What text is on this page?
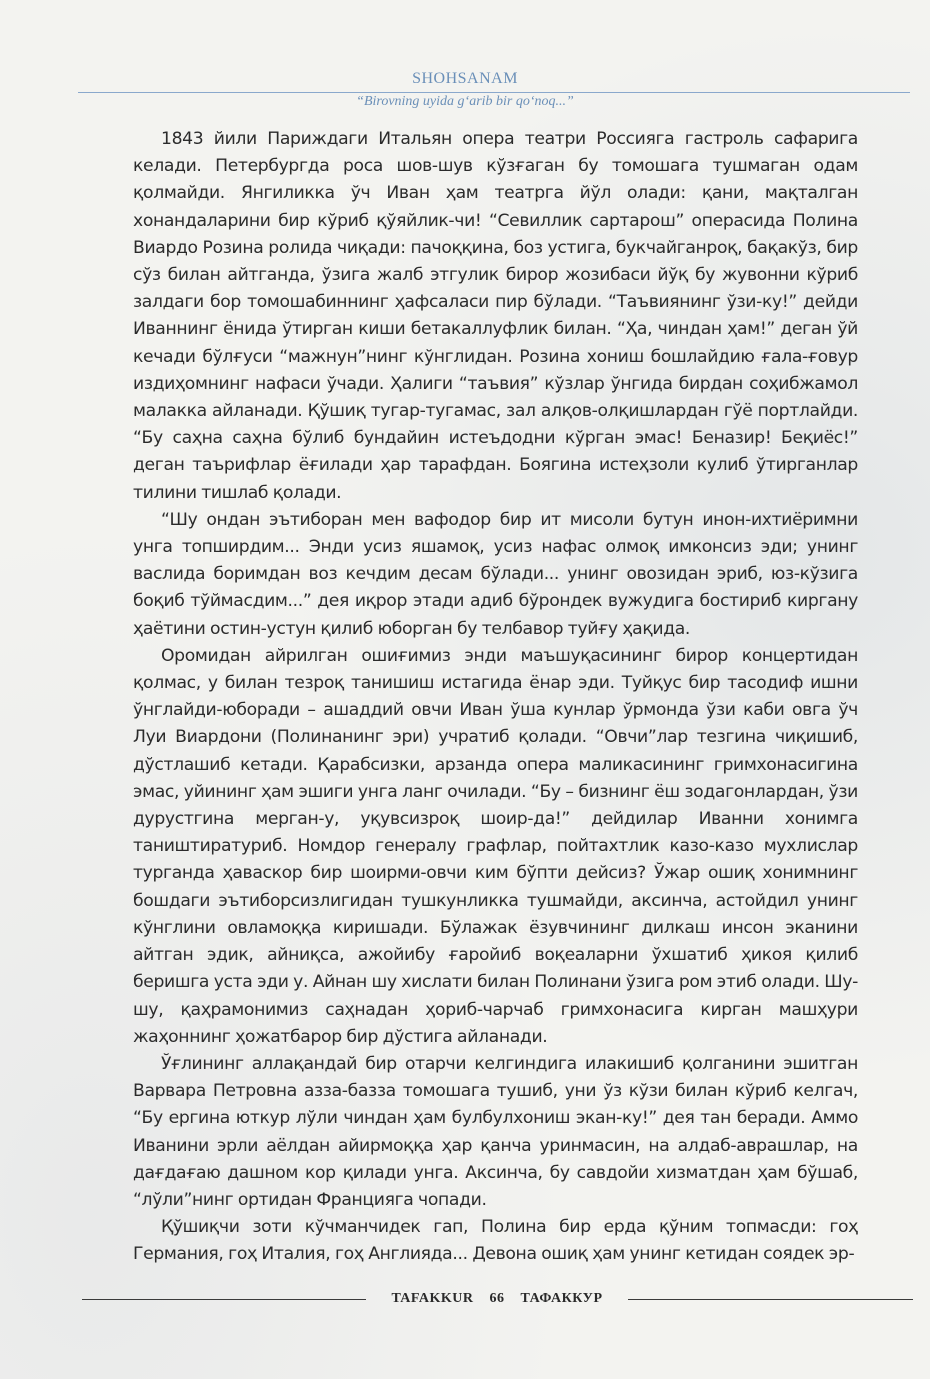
SHOHSANAM
“Birovning uyida g‘arib bir qo‘noq...”

1843 йили Париждаги Итальян опера театри Россияга гастроль сафарига келади. Петербургда роса шов-шув кўзғаган бу томошага тушмаган одам қолмайди. Янгиликка ўч Иван ҳам театрга йўл олади: қани, мақталган хонандаларини бир кўриб қўяйлик-чи! “Севиллик сартарош” операсида Полина Виардо Розина ролида чиқади: пачоққина, боз устига, букчайганроқ, бақакўз, бир сўз билан айтганда, ўзига жалб этгулик бирор жозибаси йўқ бу жувонни кўриб залдаги бор томошабиннинг ҳафсаласи пир бўлади. “Таъвиянинг ўзи-ку!” дейди Иваннинг ёнида ўтирган киши бетакаллуфлик билан. “Ҳа, чиндан ҳам!” деган ўй кечади бўлғуси “мажнун”нинг кўнглидан. Розина хониш бошлайдию ғала-ғовур издиҳомнинг нафаси ўчади. Ҳалиги “таъвия” кўзлар ўнгида бирдан соҳибжамол малакка айланади. Қўшиқ тугар-тугамас, зал алқов-олқишлардан гўё портлайди. “Бу саҳна саҳна бўлиб бундайин истеъдодни кўрган эмас! Беназир! Беқиёс!” деган таърифлар ёғилади ҳар тарафдан. Боягина истеҳзоли кулиб ўтирганлар тилини тишлаб қолади.

“Шу ондан эътиборан мен вафодор бир ит мисоли бутун инон-ихтиёримни унга топширдим... Энди усиз яшамоқ, усиз нафас олмоқ имконсиз эди; унинг васлида боримдан воз кечдим десам бўлади... унинг овозидан эриб, юз-кўзига боқиб тўймасдим...” дея иқрор этади адиб бўрондек вужудига бостириб кирганy ҳаётини остин-устун қилиб юборган бу телбавор туйғу ҳақида.

Оромидан айрилган ошиғимиз энди маъшуқасининг бирор концертидан қолмас, у билан тезроқ танишиш истагида ёнар эди. Туйқус бир тасодиф ишни ўнглайди-юборади – ашаддий овчи Иван ўша кунлар ўрмонда ўзи каби овга ўч Луи Виардони (Полинанинг эри) учратиб қолади. “Овчи”лар тезгина чиқишиб, дўстлашиб кетади. Қарабсизки, арзанда опера маликасининг гримхонасигина эмас, уйининг ҳам эшиги унга ланг очилади. “Бу – бизнинг ёш зодагонлардан, ўзи дурустгина мерган-у, уқувсизроқ шоир-да!” дейдилар Иванни хонимга таништиратуриб. Номдор генералу графлар, пойтахтлик казо-казо мухлислар турганда ҳаваскор бир шоирми-овчи ким бўпти дейсиз? Ўжар ошиқ хонимнинг бошдаги эътиборсизлигидан тушкунликка тушмайди, аксинча, астойдил унинг кўнглини овламоққа киришади. Бўлажак ёзувчининг дилкаш инсон эканини айтган эдик, айниқса, ажойибу ғаройиб воқеаларни ўхшатиб ҳикоя қилиб беришга уста эди у. Айнан шу хислати билан Полинани ўзига ром этиб олади. Шу-шу, қаҳрамонимиз саҳнадан ҳориб-чарчаб гримхонасига кирган машҳури жаҳоннинг ҳожатбарор бир дўстига айланади.

Ўғлининг аллақандай бир отарчи келгиндига илакишиб қолганини эшитган Варвара Петровна азза-базза томошага тушиб, уни ўз кўзи билан кўриб келгач, “Бу ергина юткур лўли чиндан ҳам булбулхониш экан-ку!” дея тан беради. Аммо Иванини эрли аёлдан айирмоққа ҳар қанча уринмасин, на алдаб-аврашлар, на дағдағаю дашном кор қилади унга. Аксинча, бу савдойи хизматдан ҳам бўшаб, “лўли”нинг ортидан Францияга чопади.

Қўшиқчи зоти кўчманчидек гап, Полина бир ерда қўним топмасди: гоҳ Германия, гоҳ Италия, гоҳ Англияда... Девона ошиқ ҳам унинг кетидан соядек эр-

TAFAKKUR 66 ТАФАККУР
